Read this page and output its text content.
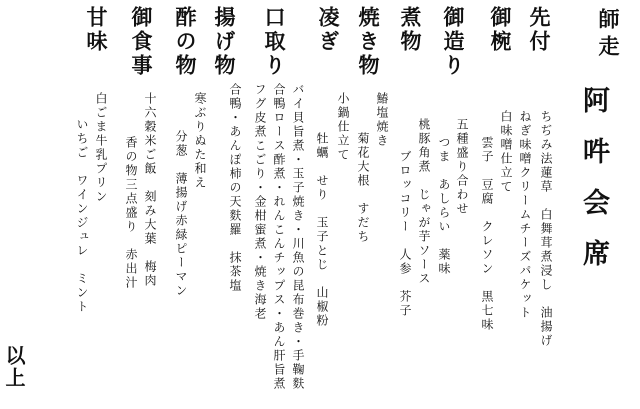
師走
先付
ちぢみ法蓮草　白舞茸煮浸し　油揚げ
御椀
ねぎ味噌クリームチーズパケット
白味噌仕立て
雲子　豆腐　クレソン　黒七味	阿吽会席
御造り
五種盛り合わせ
つま　あしらい　薬味
煮物
桃豚角煮　じゃが芋ソース
ブロッコリー　人参　芥子
焼き物
鰆塩焼き
菊花大根　すだち
凌ぎ
小鍋仕立て
牡蠣　せり　玉子とじ　山椒粉
口取り
バイ貝旨煮・玉子焼き・川魚の昆布巻き・手鞠麩
合鴨ロース酢煮・れんこんチップス・あん肝旨煮
フグ皮煮こごり・金柑蜜煮・焼き海老
揚げ物
合鴨・あんぽ柿の天麩羅　抹茶塩
酢の物
寒ぶりぬた和え
分葱　薄揚げ赤緑ピーマン
御食事
十六穀米ご飯　刻み大葉　梅肉
香の物三点盛り　赤出汁
甘味
白ごま牛乳プリン
いちご　ワインジュレ　ミント
以上
